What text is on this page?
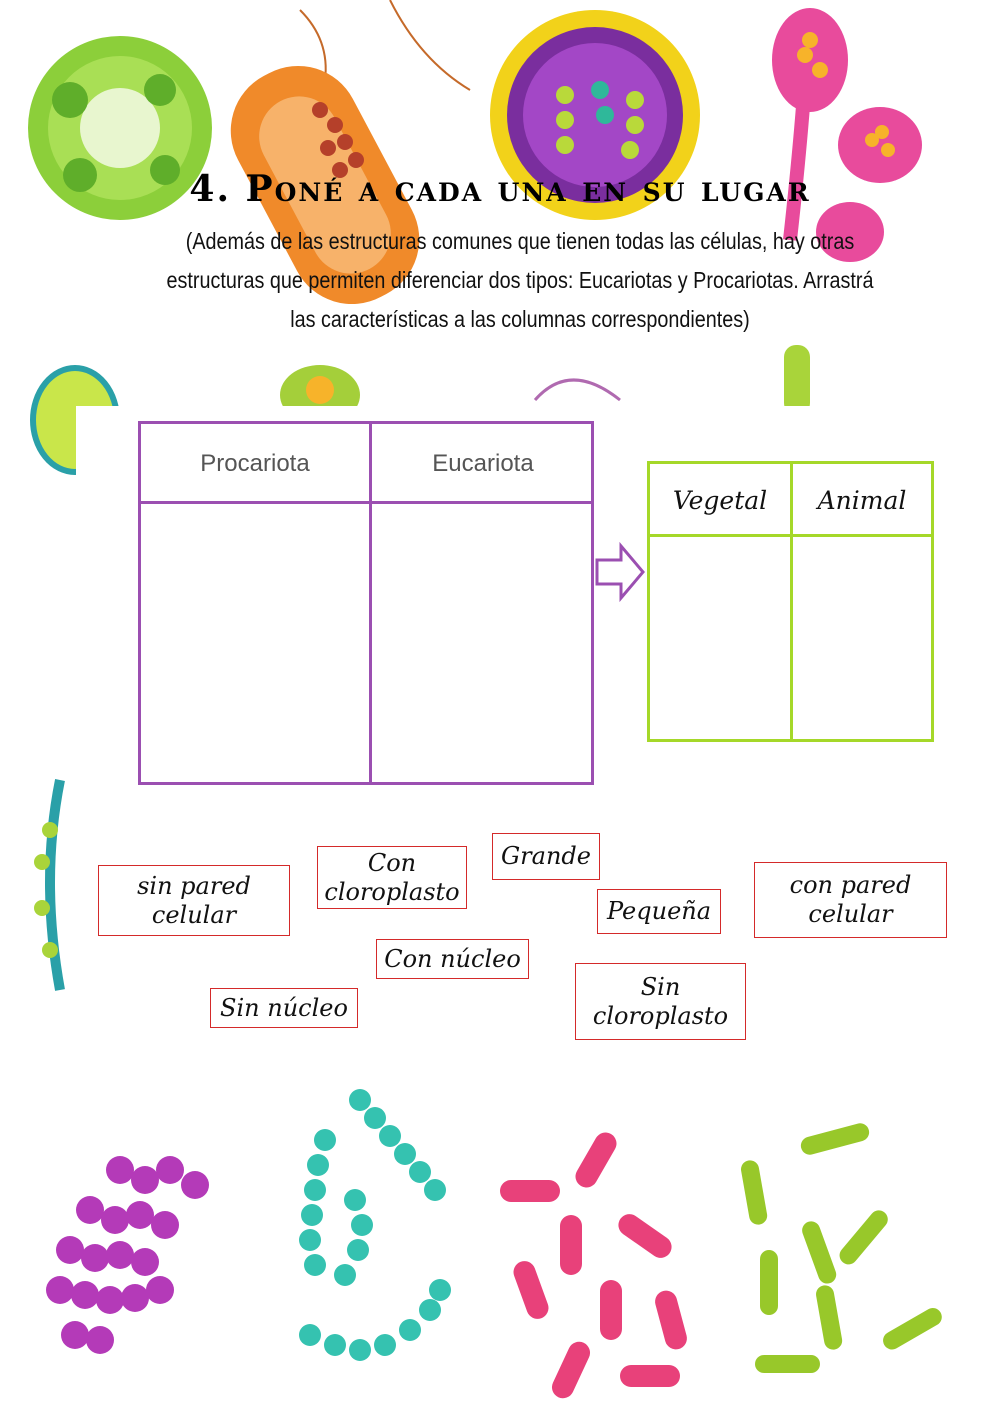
4. Poné a cada una en su lugar
(Además de las estructuras comunes que tienen todas las células, hay otras estructuras que permiten diferenciar dos tipos: Eucariotas y Procariotas. Arrastrá las características a las columnas correspondientes)
Procariota	Eucariota
Vegetal	Animal
sin pared celular
Con cloroplasto
Grande
Pequeña
con pared celular
Con núcleo
Sin núcleo
Sin cloroplasto
